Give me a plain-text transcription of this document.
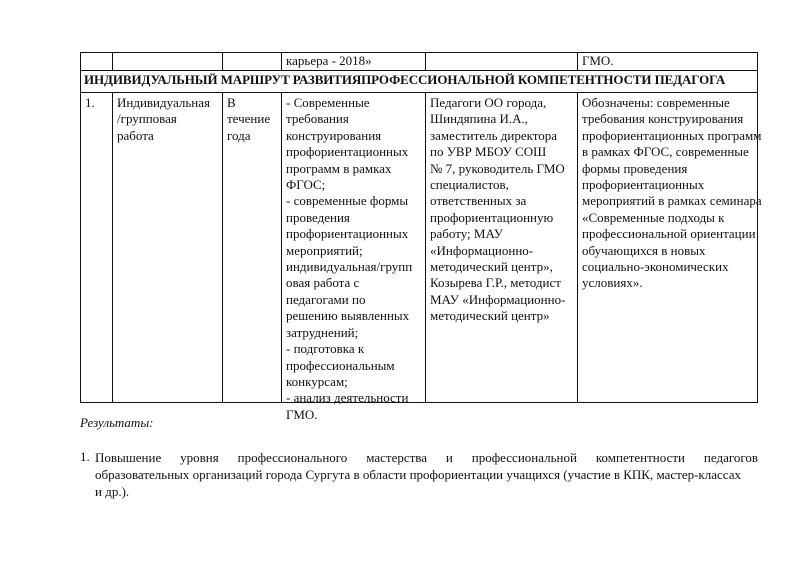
карьера - 2018»	ГМО.
ИНДИВИДУАЛЬНЫЙ МАРШРУТ РАЗВИТИЯПРОФЕССИОНАЛЬНОЙ КОМПЕТЕНТНОСТИ ПЕДАГОГА
1. Индивидуальная
/групповая
работа
В
течение
года
- Современные
требования
конструирования
профориентационных
программ в рамках
ФГОС;
- современные формы
проведения
профориентационных
мероприятий;
индивидуальная/групп
овая работа с
педагогами по
решению выявленных
затруднений;
- подготовка к
профессиональным
конкурсам;
- анализ деятельности
ГМО.
Педагоги ОО города,
Шиндяпина И.А.,
заместитель директора
по УВР МБОУ СОШ
№ 7, руководитель ГМО
специалистов,
ответственных за
профориентационную
работу; МАУ
«Информационно-
методический центр»,
Козырева Г.Р., методист
МАУ «Информационно-
методический центр»
Обозначены: современные
требования конструирования
профориентационных программ
в рамках ФГОС, современные
формы проведения
профориентационных
мероприятий в рамках семинара
«Современные подходы к
профессиональной ориентации
обучающихся в новых
социально-экономических
условиях».
Результаты:
1. Повышение уровня профессионального мастерства и профессиональной компетентности педагогов
образовательных организаций города Сургута в области профориентации учащихся (участие в КПК, мастер-классах
и др.).
